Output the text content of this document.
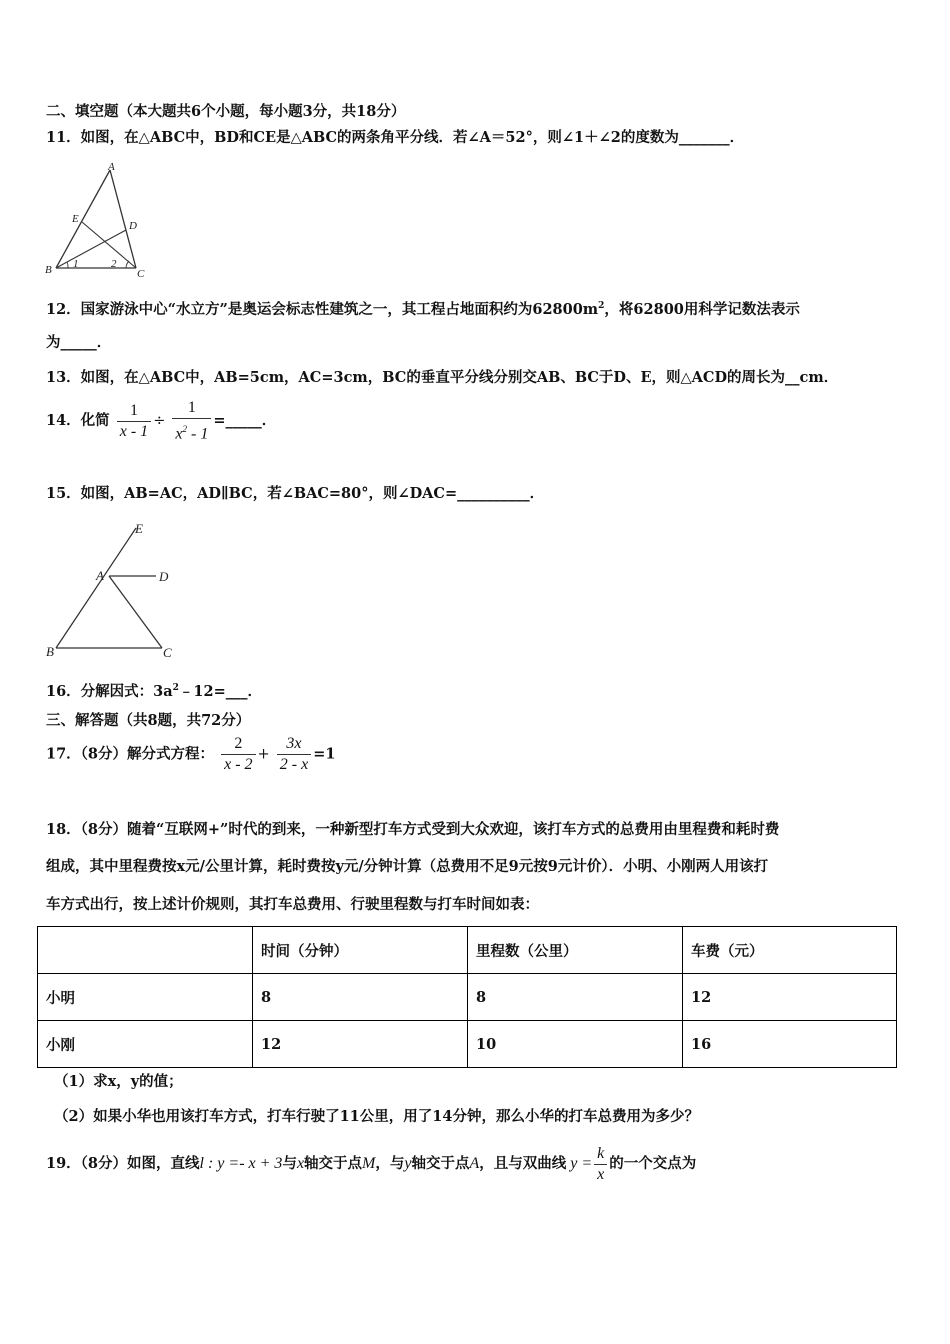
二、填空题（本大题共6个小题，每小题3分，共18分）
11．如图，在△ABC中，BD和CE是△ABC的两条角平分线．若∠A＝52°，则∠1＋∠2的度数为_______．
A
B	C
D
E
1	2
12．国家游泳中心“水立方”是奥运会标志性建筑之一，其工程占地面积约为$62800m^2$，将62800用科学记数法表示
为_____．
13．如图，在△ABC中，AB=5cm，AC=3cm，BC的垂直平分线分别交AB、BC于D、E，则△ACD的周长为__cm．
14．化简 $\frac{1}{x - 1} \div \frac{1}{x^2 - 1}$ =_____．
15．如图，AB=AC，AD∥BC，若∠BAC=80°，则∠DAC=__________．
E
A	D
B	C
16．分解因式：$3a^2﹣12=\_\_\_$．
三、解答题（共8题，共72分）
17．（8分）解分式方程： $\frac{2}{x - 2} + \frac{3x}{2 - x} =1$
18．（8分）随着“互联网+”时代的到来，一种新型打车方式受到大众欢迎，该打车方式的总费用由里程费和耗时费
组成，其中里程费按x元/公里计算，耗时费按y元/分钟计算（总费用不足9元按9元计价）．小明、小刚两人用该打
车方式出行，按上述计价规则，其打车总费用、行驶里程数与打车时间如表：
	时间（分钟）	里程数（公里）	车费（元）
小明	8	8	12
小刚	12	10	16
（1）求x，y的值；
（2）如果小华也用该打车方式，打车行驶了11公里，用了14分钟，那么小华的打车总费用为多少？
19．（8分）如图，直线l : y =- x + 3与x轴交于点M，与y轴交于点A，且与双曲线 $y = \frac{k}{x}$ 的一个交点为
